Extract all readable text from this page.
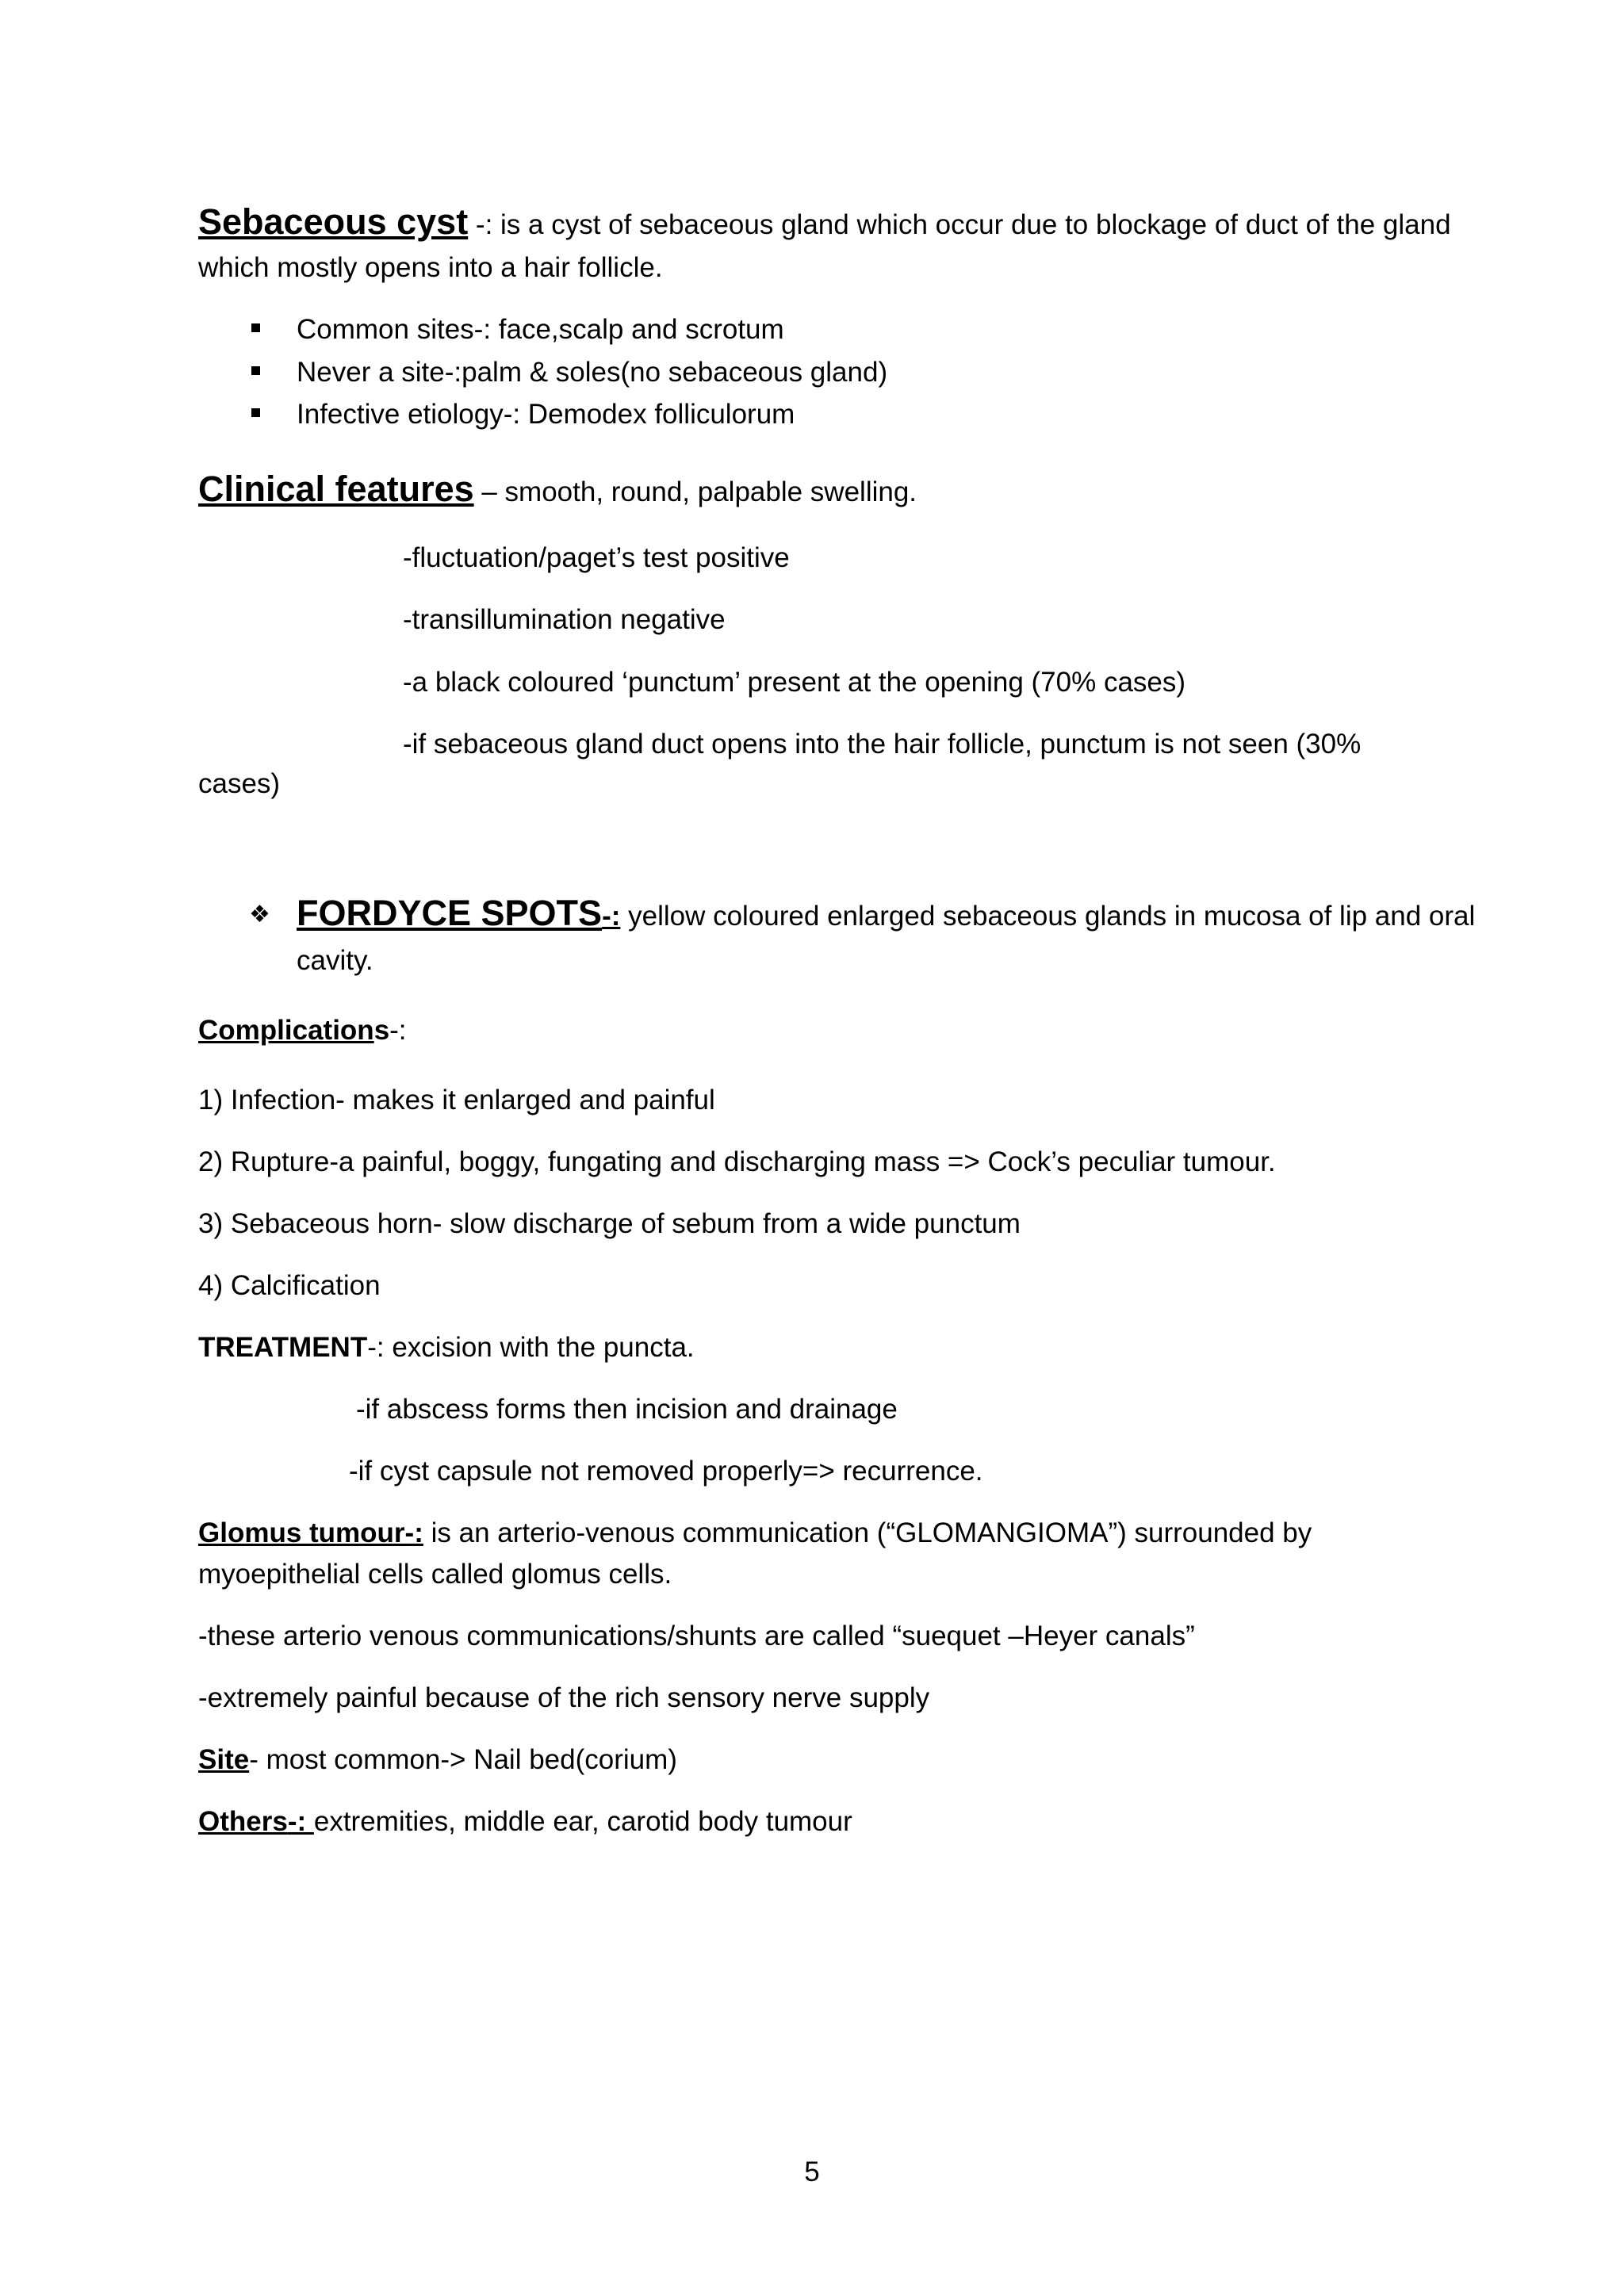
Sebaceous cyst -: is a cyst of sebaceous gland which occur due to blockage of duct of the gland
which mostly opens into a hair follicle.
Common sites-: face,scalp and scrotum
Never a site-:palm & soles(no sebaceous gland)
Infective etiology-: Demodex folliculorum
Clinical features – smooth, round, palpable swelling.
-fluctuation/paget’s test positive
-transillumination negative
-a black coloured ‘punctum’ present at the opening (70% cases)
-if sebaceous gland duct opens into the hair follicle, punctum is not seen (30%
cases)
❖ FORDYCE SPOTS-: yellow coloured enlarged sebaceous glands in mucosa of lip and oral
cavity.
Complications-:
1) Infection- makes it enlarged and painful
2) Rupture-a painful, boggy, fungating and discharging mass => Cock’s peculiar tumour.
3) Sebaceous horn- slow discharge of sebum from a wide punctum
4) Calcification
TREATMENT-: excision with the puncta.
-if abscess forms then incision and drainage
-if cyst capsule not removed properly=> recurrence.
Glomus tumour-: is an arterio-venous communication (“GLOMANGIOMA”) surrounded by
myoepithelial cells called glomus cells.
-these arterio venous communications/shunts are called “suequet –Heyer canals”
-extremely painful because of the rich sensory nerve supply
Site- most common-> Nail bed(corium)
Others-: extremities, middle ear, carotid body tumour
5
